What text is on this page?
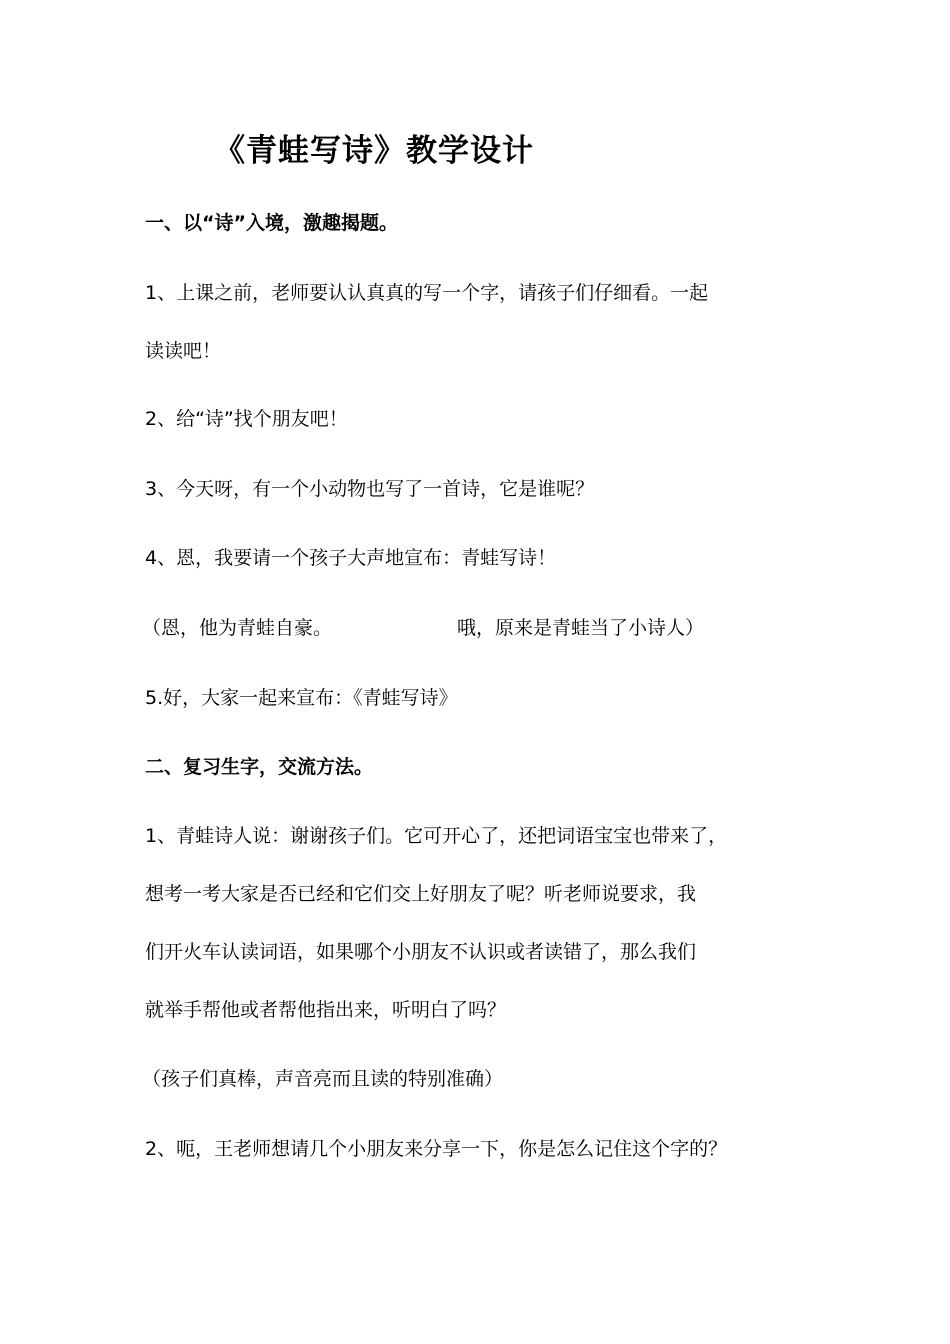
《青蛙写诗》教学设计
一、以“诗”入境，激趣揭题。
1、上课之前，老师要认认真真的写一个字，请孩子们仔细看。一起
读读吧！
2、给“诗”找个朋友吧！
3、今天呀，有一个小动物也写了一首诗，它是谁呢？
4、恩，我要请一个孩子大声地宣布：青蛙写诗！
（恩，他为青蛙自豪。	哦，原来是青蛙当了小诗人）
5.好，大家一起来宣布：《青蛙写诗》
二、复习生字，交流方法。
1、青蛙诗人说：谢谢孩子们。它可开心了，还把词语宝宝也带来了，
想考一考大家是否已经和它们交上好朋友了呢？听老师说要求，我
们开火车认读词语，如果哪个小朋友不认识或者读错了，那么我们
就举手帮他或者帮他指出来，听明白了吗？
（孩子们真棒，声音亮而且读的特别准确）
2、呃，王老师想请几个小朋友来分享一下，你是怎么记住这个字的？
